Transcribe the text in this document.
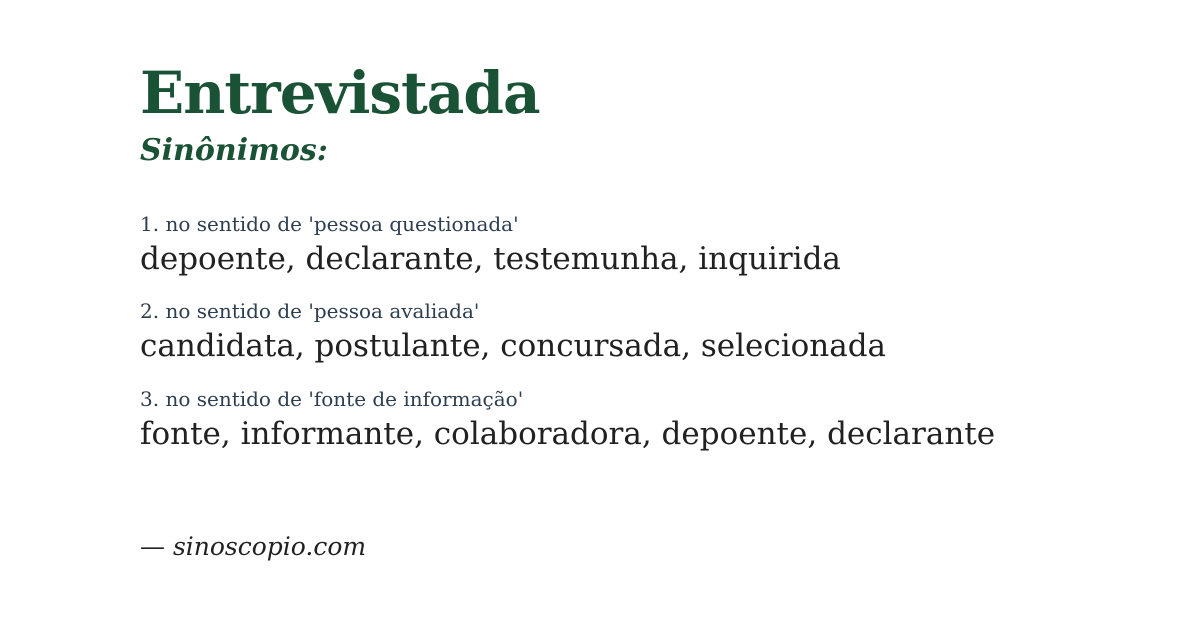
Entrevistada
Sinônimos:
1. no sentido de 'pessoa questionada'
depoente, declarante, testemunha, inquirida
2. no sentido de 'pessoa avaliada'
candidata, postulante, concursada, selecionada
3. no sentido de 'fonte de informação'
fonte, informante, colaboradora, depoente, declarante
— sinoscopio.com
